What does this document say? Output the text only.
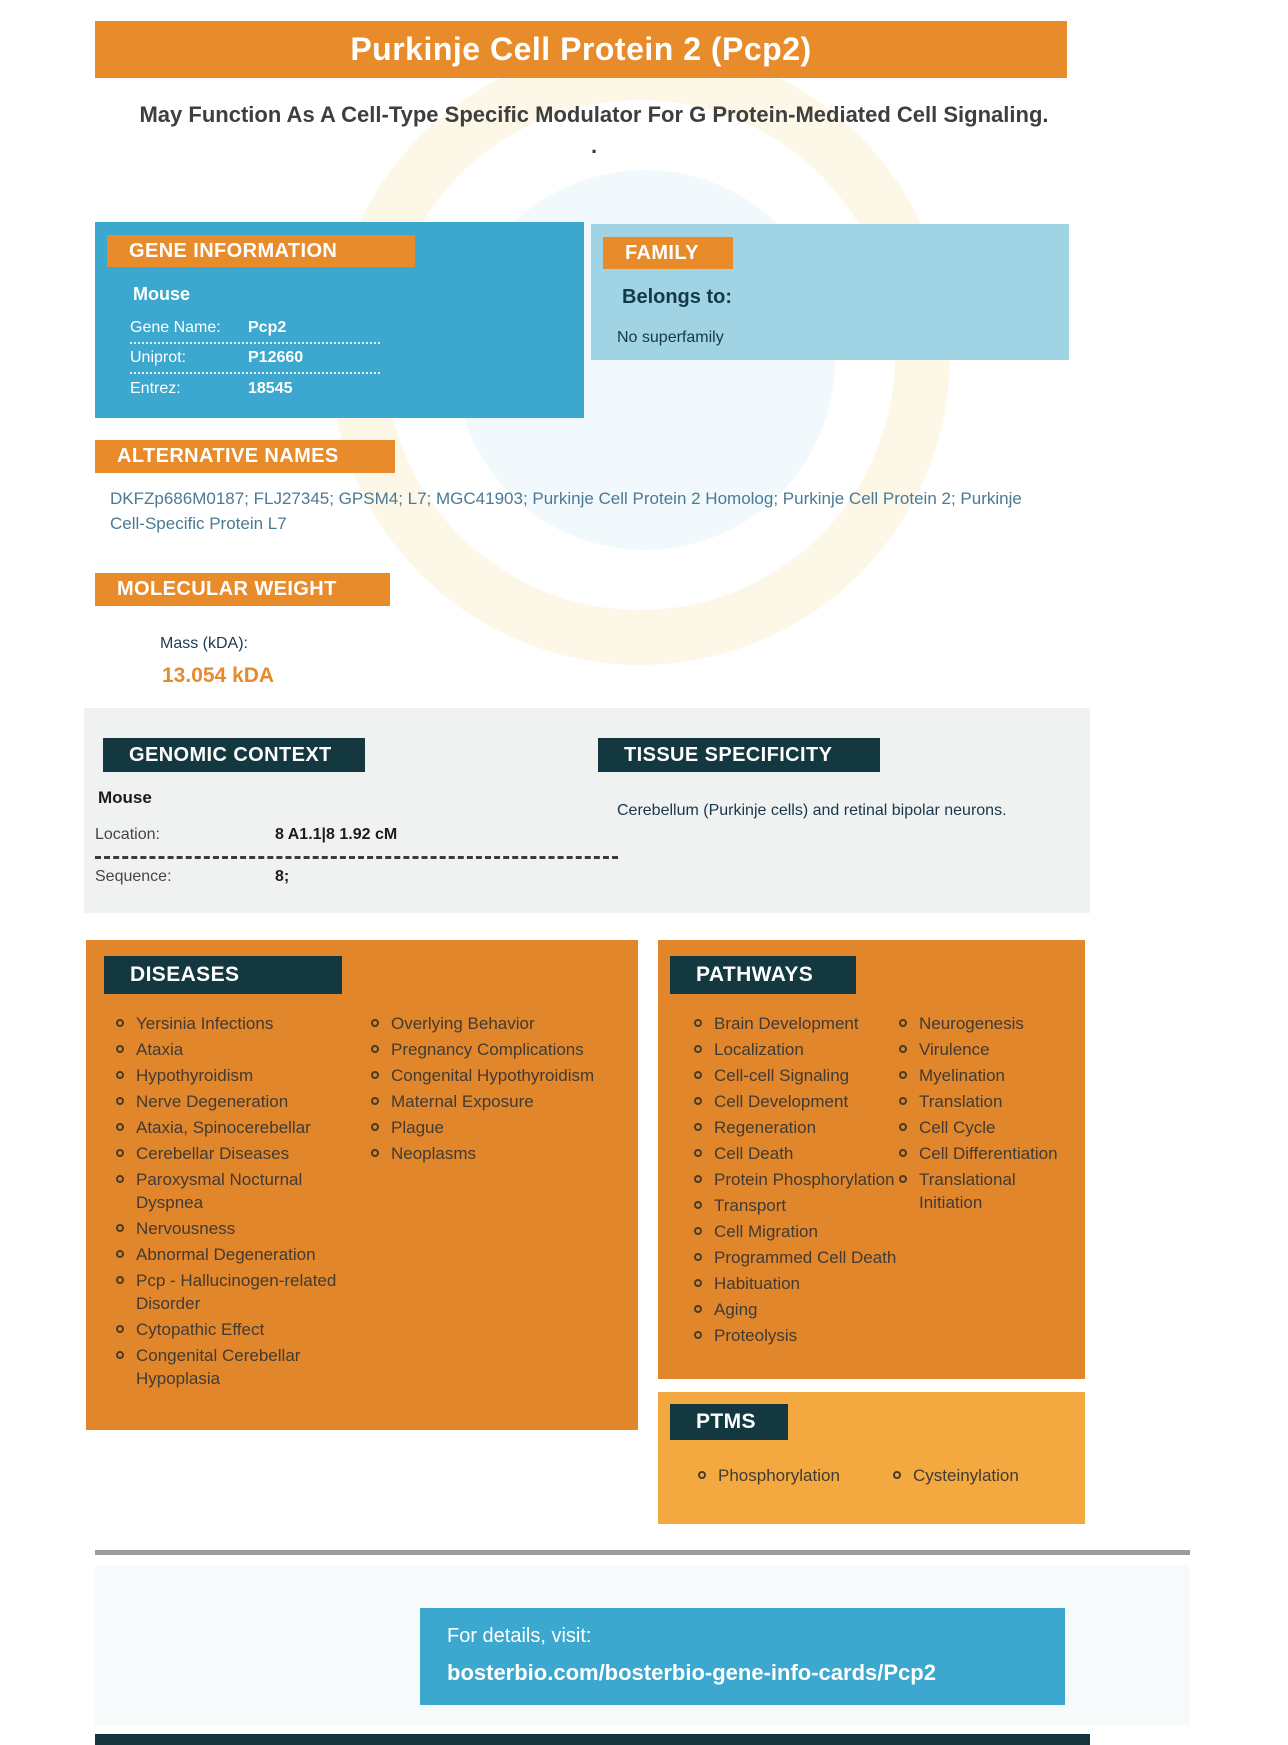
Purkinje Cell Protein 2 (Pcp2)
May Function As A Cell-Type Specific Modulator For G Protein-Mediated Cell Signaling. .
GENE INFORMATION
Mouse
Gene Name:	Pcp2
Uniprot:	P12660
Entrez:	18545
FAMILY
Belongs to:
No superfamily
ALTERNATIVE NAMES
DKFZp686M0187; FLJ27345; GPSM4; L7; MGC41903; Purkinje Cell Protein 2 Homolog; Purkinje Cell Protein 2; Purkinje Cell-Specific Protein L7
MOLECULAR WEIGHT
Mass (kDA):
13.054 kDA
GENOMIC CONTEXT
Mouse
Location:	8 A1.1|8 1.92 cM
Sequence:	8;
TISSUE SPECIFICITY
Cerebellum (Purkinje cells) and retinal bipolar neurons.
DISEASES
Yersinia Infections
Ataxia
Hypothyroidism
Nerve Degeneration
Ataxia, Spinocerebellar
Cerebellar Diseases
Paroxysmal Nocturnal Dyspnea
Nervousness
Abnormal Degeneration
Pcp - Hallucinogen-related Disorder
Cytopathic Effect
Congenital Cerebellar Hypoplasia
Overlying Behavior
Pregnancy Complications
Congenital Hypothyroidism
Maternal Exposure
Plague
Neoplasms
PATHWAYS
Brain Development
Localization
Cell-cell Signaling
Cell Development
Regeneration
Cell Death
Protein Phosphorylation
Transport
Cell Migration
Programmed Cell Death
Habituation
Aging
Proteolysis
Neurogenesis
Virulence
Myelination
Translation
Cell Cycle
Cell Differentiation
Translational Initiation
PTMS
Phosphorylation	Cysteinylation
For details, visit:
bosterbio.com/bosterbio-gene-info-cards/Pcp2
